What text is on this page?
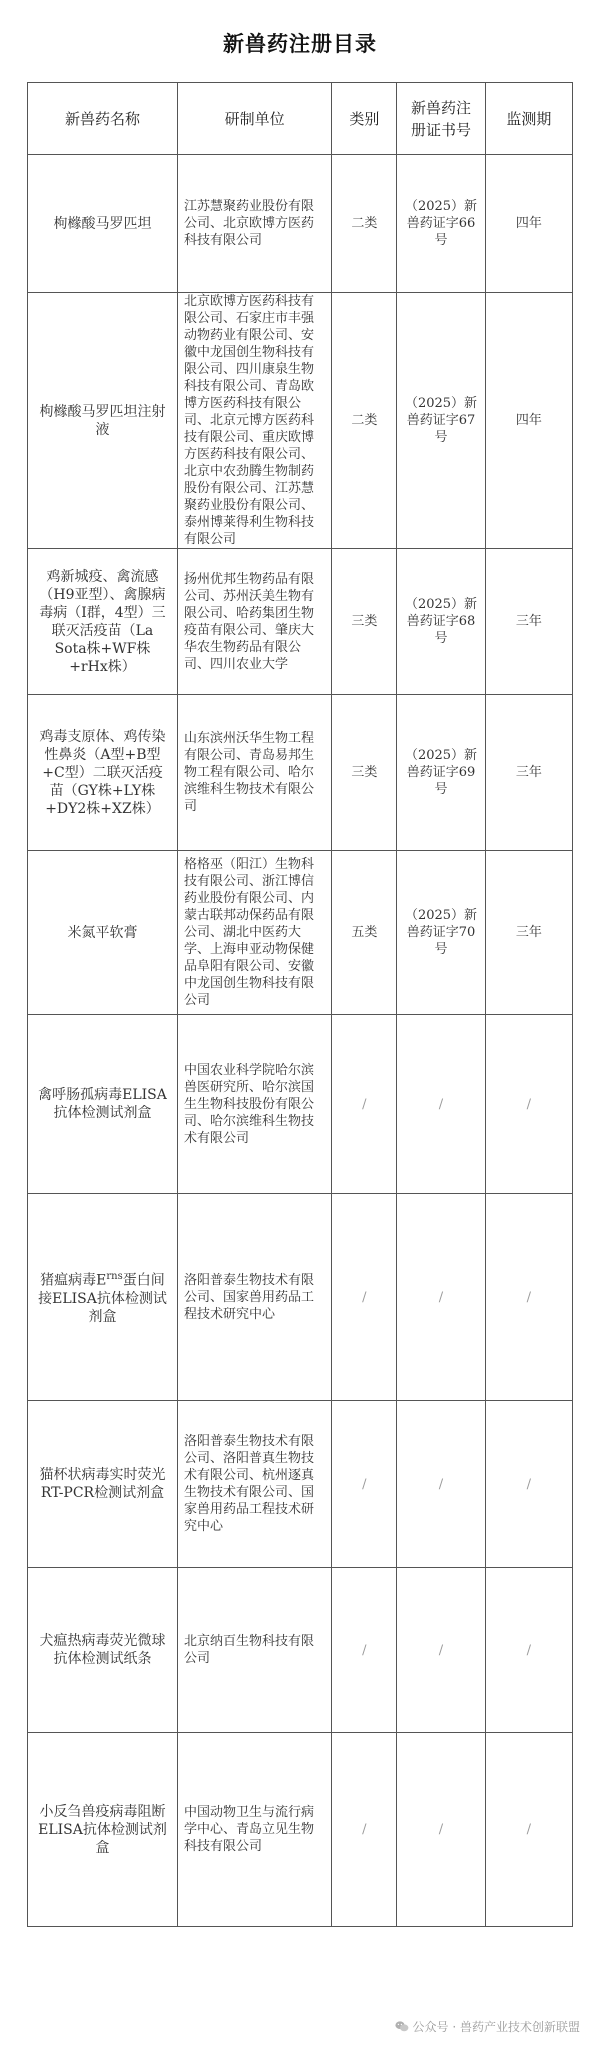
新兽药注册目录
新兽药名称	研制单位	类别	新兽药注册证书号	监测期
枸橼酸马罗匹坦	江苏慧聚药业股份有限公司、北京欧博方医药科技有限公司	二类	（2025）新兽药证字66号	四年
枸橼酸马罗匹坦注射液	北京欧博方医药科技有限公司、石家庄市丰强动物药业有限公司、安徽中龙国创生物科技有限公司、四川康泉生物科技有限公司、青岛欧博方医药科技有限公司、北京元博方医药科技有限公司、重庆欧博方医药科技有限公司、北京中农劲腾生物制药股份有限公司、江苏慧聚药业股份有限公司、泰州博莱得利生物科技有限公司	二类	（2025）新兽药证字67号	四年
鸡新城疫、禽流感（H9亚型）、禽腺病毒病（I群，4型）三联灭活疫苗（La Sota株+WF株+rHx株）	扬州优邦生物药品有限公司、苏州沃美生物有限公司、哈药集团生物疫苗有限公司、肇庆大华农生物药品有限公司、四川农业大学	三类	（2025）新兽药证字68号	三年
鸡毒支原体、鸡传染性鼻炎（A型+B型+C型）二联灭活疫苗（GY株+LY株+DY2株+XZ株）	山东滨州沃华生物工程有限公司、青岛易邦生物工程有限公司、哈尔滨维科生物技术有限公司	三类	（2025）新兽药证字69号	三年
米氮平软膏	格格巫（阳江）生物科技有限公司、浙江博信药业股份有限公司、内蒙古联邦动保药品有限公司、湖北中医药大学、上海申亚动物保健品阜阳有限公司、安徽中龙国创生物科技有限公司	五类	（2025）新兽药证字70号	三年
禽呼肠孤病毒ELISA抗体检测试剂盒	中国农业科学院哈尔滨兽医研究所、哈尔滨国生生物科技股份有限公司、哈尔滨维科生物技术有限公司	/	/	/
猪瘟病毒$E^{rns}$蛋白间接ELISA抗体检测试剂盒	洛阳普泰生物技术有限公司、国家兽用药品工程技术研究中心	/	/	/
猫杯状病毒实时荧光RT-PCR检测试剂盒	洛阳普泰生物技术有限公司、洛阳普真生物技术有限公司、杭州逐真生物技术有限公司、国家兽用药品工程技术研究中心	/	/	/
犬瘟热病毒荧光微球抗体检测试纸条	北京纳百生物科技有限公司	/	/	/
小反刍兽疫病毒阻断ELISA抗体检测试剂盒	中国动物卫生与流行病学中心、青岛立见生物科技有限公司	/	/	/
公众号 · 兽药产业技术创新联盟
